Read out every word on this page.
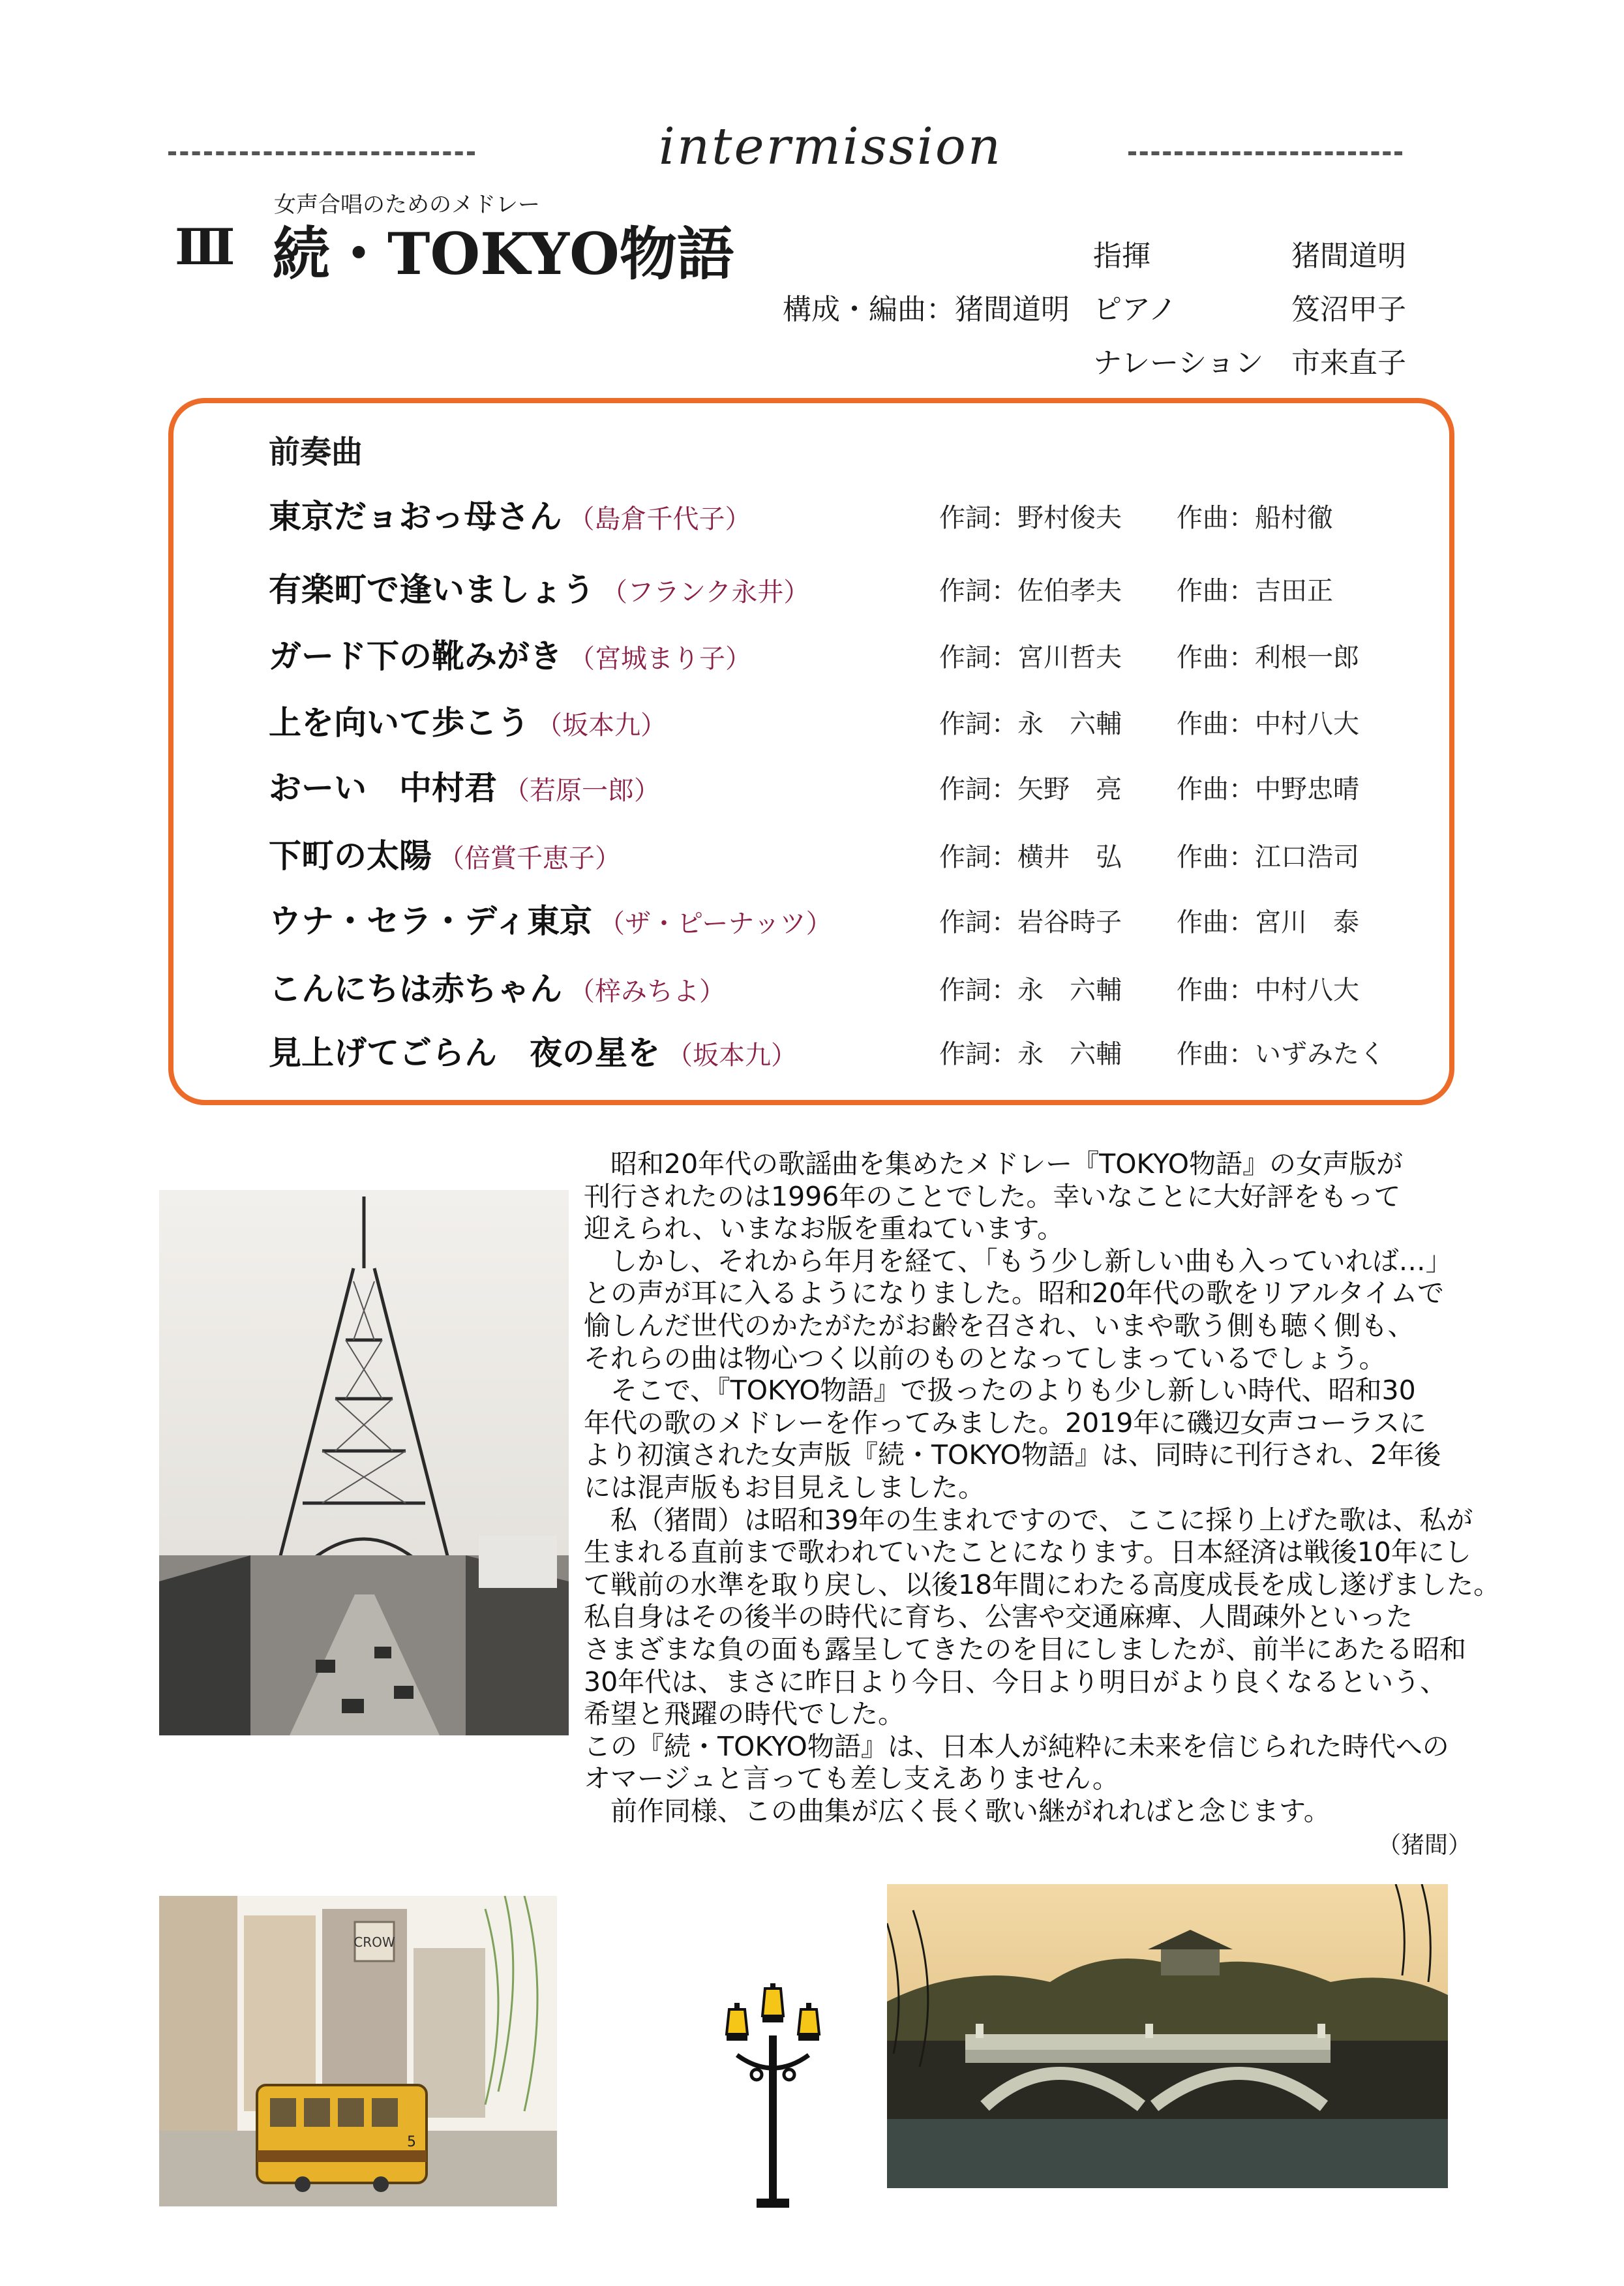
intermission
女声合唱のためのメドレー
Ⅲ 続・TOKYO物語
構成・編曲：猪間道明
指揮	猪間道明
ピアノ	笈沼甲子
ナレーション 市来直子
前奏曲
東京だョおっ母さん （島倉千代子）	作詞：野村俊夫 作曲：船村徹
有楽町で逢いましょう （フランク永井）	作詞：佐伯孝夫 作曲：吉田正
ガード下の靴みがき （宮城まり子）	作詞：宮川哲夫 作曲：利根一郎
上を向いて歩こう （坂本九）	作詞：永　六輔 作曲：中村八大
おーい　中村君 （若原一郎）	作詞：矢野　亮 作曲：中野忠晴
下町の太陽 （倍賞千恵子）	作詞：横井　弘 作曲：江口浩司
ウナ・セラ・ディ東京 （ザ・ピーナッツ）	作詞：岩谷時子 作曲：宮川　泰
こんにちは赤ちゃん （梓みちよ）	作詞：永　六輔 作曲：中村八大
見上げてごらん　夜の星を （坂本九）	作詞：永　六輔 作曲：いずみたく

　昭和20年代の歌謡曲を集めたメドレー『TOKYO物語』の女声版が

刊行されたのは1996年のことでした。幸いなことに大好評をもって

迎えられ、いまなお版を重ねています。

　しかし、それから年月を経て、「もう少し新しい曲も入っていれば…」

との声が耳に入るようになりました。昭和20年代の歌をリアルタイムで

愉しんだ世代のかたがたがお齢を召され、いまや歌う側も聴く側も、

それらの曲は物心つく以前のものとなってしまっているでしょう。

　そこで、『TOKYO物語』で扱ったのよりも少し新しい時代、昭和30

年代の歌のメドレーを作ってみました。2019年に磯辺女声コーラスに

より初演された女声版『続・TOKYO物語』は、同時に刊行され、2年後

には混声版もお目見えしました。

　私（猪間）は昭和39年の生まれですので、ここに採り上げた歌は、私が

生まれる直前まで歌われていたことになります。日本経済は戦後10年にし

て戦前の水準を取り戻し、以後18年間にわたる高度成長を成し遂げました。

私自身はその後半の時代に育ち、公害や交通麻痺、人間疎外といった

さまざまな負の面も露呈してきたのを目にしましたが、前半にあたる昭和

30年代は、まさに昨日より今日、今日より明日がより良くなるという、

希望と飛躍の時代でした。

この『続・TOKYO物語』は、日本人が純粋に未来を信じられた時代への

オマージュと言っても差し支えありません。

　前作同様、この曲集が広く長く歌い継がれればと念じます。

（猪間）
CROW
5
